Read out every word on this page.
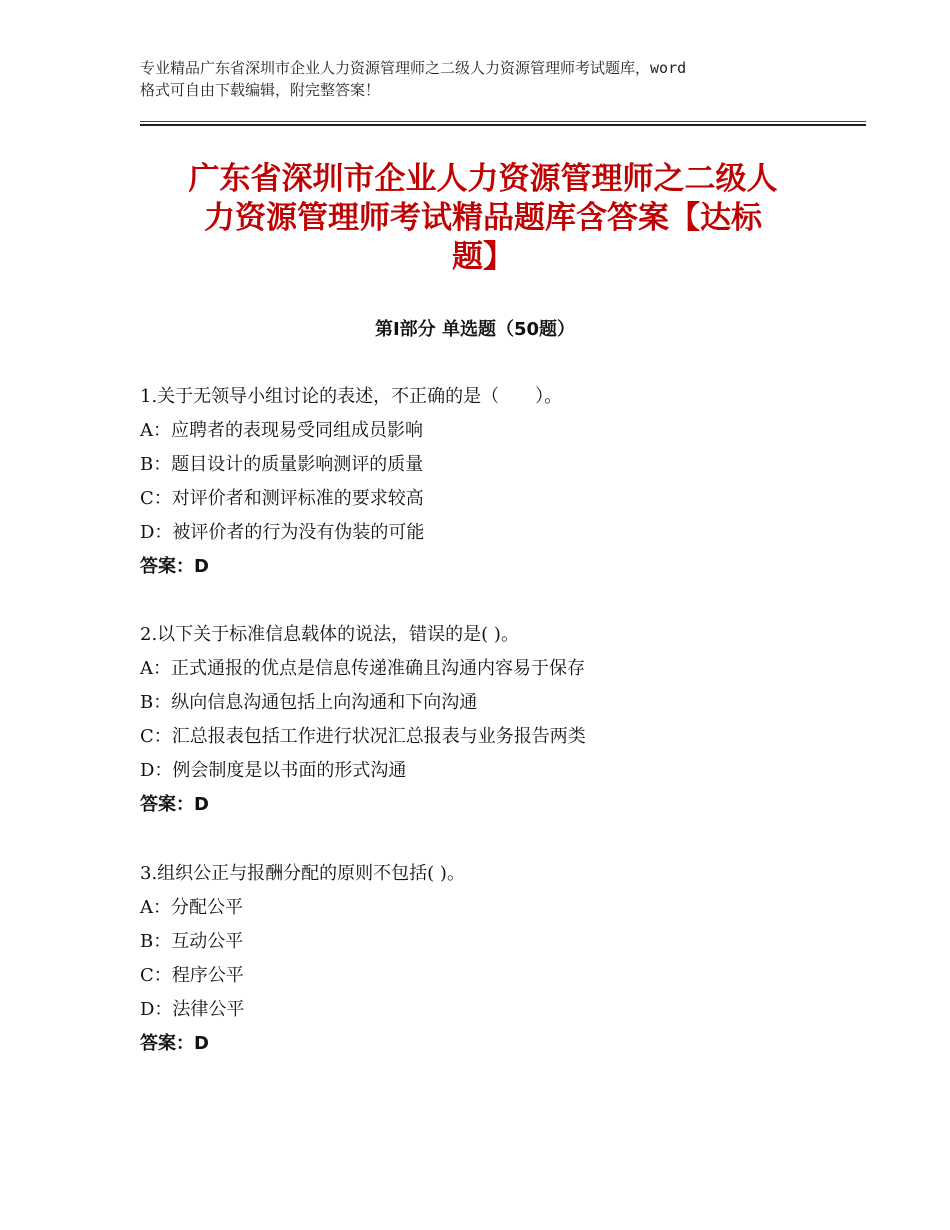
专业精品广东省深圳市企业人力资源管理师之二级人力资源管理师考试题库，word
格式可自由下载编辑，附完整答案！
广东省深圳市企业人力资源管理师之二级人
力资源管理师考试精品题库含答案【达标
题】
第Ⅰ部分 单选题（50题）
1.关于无领导小组讨论的表述，不正确的是（　　）。
A：应聘者的表现易受同组成员影响
B：题目设计的质量影响测评的质量
C：对评价者和测评标准的要求较高
D：被评价者的行为没有伪装的可能
答案：D
2.以下关于标准信息载体的说法，错误的是( )。
A：正式通报的优点是信息传递准确且沟通内容易于保存
B：纵向信息沟通包括上向沟通和下向沟通
C：汇总报表包括工作进行状况汇总报表与业务报告两类
D：例会制度是以书面的形式沟通
答案：D
3.组织公正与报酬分配的原则不包括( )。
A：分配公平
B：互动公平
C：程序公平
D：法律公平
答案：D
